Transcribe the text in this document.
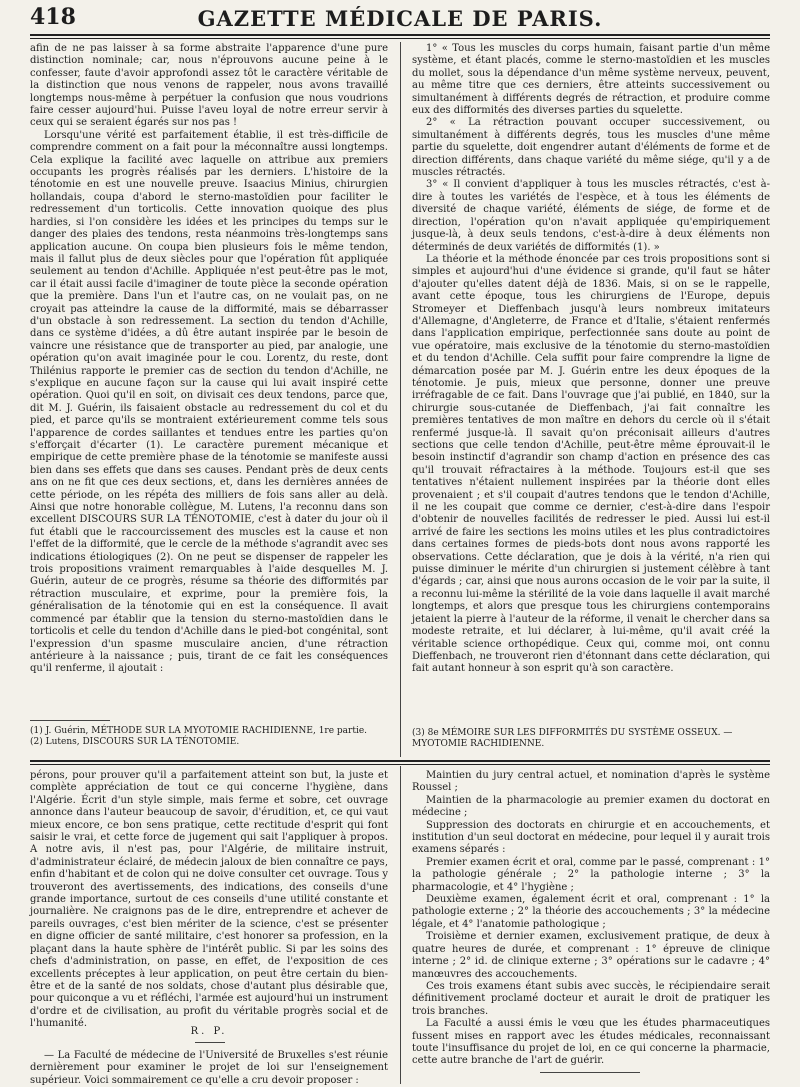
418	GAZETTE MÉDICALE DE PARIS.

afin de ne pas laisser à sa forme abstraite l'apparence d'une pure distinction nominale; car, nous n'éprouvons aucune peine à le confesser, faute d'avoir approfondi assez tôt le caractère véritable de la distinction que nous venons de rappeler, nous avons travaillé longtemps nous-même à perpétuer la confusion que nous voudrions faire cesser aujourd'hui. Puisse l'aveu loyal de notre erreur servir à ceux qui se seraient égarés sur nos pas !

Lorsqu'une vérité est parfaitement établie, il est très-difficile de comprendre comment on a fait pour la méconnaître aussi longtemps. Cela explique la facilité avec laquelle on attribue aux premiers occupants les progrès réalisés par les derniers. L'histoire de la ténotomie en est une nouvelle preuve. Isaacius Minius, chirurgien hollandais, coupa d'abord le sterno-mastoïdien pour faciliter le redressement d'un torticolis. Cette innovation quoique des plus hardies, si l'on considère les idées et les principes du temps sur le danger des plaies des tendons, resta néanmoins très-longtemps sans application aucune. On coupa bien plusieurs fois le même tendon, mais il fallut plus de deux siècles pour que l'opération fût appliquée seulement au tendon d'Achille. Appliquée n'est peut-être pas le mot, car il était aussi facile d'imaginer de toute pièce la seconde opération que la première. Dans l'un et l'autre cas, on ne voulait pas, on ne croyait pas atteindre la cause de la difformité, mais se débarrasser d'un obstacle à son redressement. La section du tendon d'Achille, dans ce système d'idées, a dû être autant inspirée par le besoin de vaincre une résistance que de transporter au pied, par analogie, une opération qu'on avait imaginée pour le cou. Lorentz, du reste, dont Thilénius rapporte le premier cas de section du tendon d'Achille, ne s'explique en aucune façon sur la cause qui lui avait inspiré cette opération. Quoi qu'il en soit, on divisait ces deux tendons, parce que, dit M. J. Guérin, ils faisaient obstacle au redressement du col et du pied, et parce qu'ils se montraient extérieurement comme tels sous l'apparence de cordes saillantes et tendues entre les parties qu'on s'efforçait d'écarter (1). Le caractère purement mécanique et empirique de cette première phase de la ténotomie se manifeste aussi bien dans ses effets que dans ses causes. Pendant près de deux cents ans on ne fit que ces deux sections, et, dans les dernières années de cette période, on les répéta des milliers de fois sans aller au delà. Ainsi que notre honorable collègue, M. Lutens, l'a reconnu dans son excellent DISCOURS SUR LA TÉNOTOMIE, c'est à dater du jour où il fut établi que le raccourcissement des muscles est la cause et non l'effet de la difformité, que le cercle de la méthode s'agrandit avec ses indications étiologiques (2). On ne peut se dispenser de rappeler les trois propositions vraiment remarquables à l'aide desquelles M. J. Guérin, auteur de ce progrès, résume sa théorie des difformités par rétraction musculaire, et exprime, pour la première fois, la généralisation de la ténotomie qui en est la conséquence. Il avait commencé par établir que la tension du sterno-mastoïdien dans le torticolis et celle du tendon d'Achille dans le pied-bot congénital, sont l'expression d'un spasme musculaire ancien, d'une rétraction antérieure à la naissance ; puis, tirant de ce fait les conséquences qu'il renferme, il ajoutait :

1° « Tous les muscles du corps humain, faisant partie d'un même système, et étant placés, comme le sterno-mastoïdien et les muscles du mollet, sous la dépendance d'un même système nerveux, peuvent, au même titre que ces derniers, être atteints successivement ou simultanément à différents degrés de rétraction, et produire comme eux des difformités des diverses parties du squelette.

2° « La rétraction pouvant occuper successivement, ou simultanément à différents degrés, tous les muscles d'une même partie du squelette, doit engendrer autant d'éléments de forme et de direction différents, dans chaque variété du même siége, qu'il y a de muscles rétractés.

3° « Il convient d'appliquer à tous les muscles rétractés, c'est à-dire à toutes les variétés de l'espèce, et à tous les éléments de diversité de chaque variété, éléments de siége, de forme et de direction, l'opération qu'on n'avait appliquée qu'empiriquement jusque-là, à deux seuls tendons, c'est-à-dire à deux éléments non déterminés de deux variétés de difformités (1). »

La théorie et la méthode énoncée par ces trois propositions sont si simples et aujourd'hui d'une évidence si grande, qu'il faut se hâter d'ajouter qu'elles datent déjà de 1836. Mais, si on se le rappelle, avant cette époque, tous les chirurgiens de l'Europe, depuis Stromeyer et Dieffenbach jusqu'à leurs nombreux imitateurs d'Allemagne, d'Angleterre, de France et d'Italie, s'étaient renfermés dans l'application empirique, perfectionnée sans doute au point de vue opératoire, mais exclusive de la ténotomie du sterno-mastoïdien et du tendon d'Achille. Cela suffit pour faire comprendre la ligne de démarcation posée par M. J. Guérin entre les deux époques de la ténotomie. Je puis, mieux que personne, donner une preuve irréfragable de ce fait. Dans l'ouvrage que j'ai publié, en 1840, sur la chirurgie sous-cutanée de Dieffenbach, j'ai fait connaître les premières tentatives de mon maître en dehors du cercle où il s'était renfermé jusque-là. Il savait qu'on préconisait ailleurs d'autres sections que celle tendon d'Achille, peut-être même éprouvait-il le besoin instinctif d'agrandir son champ d'action en présence des cas qu'il trouvait réfractaires à la méthode. Toujours est-il que ses tentatives n'étaient nullement inspirées par la théorie dont elles provenaient ; et s'il coupait d'autres tendons que le tendon d'Achille, il ne les coupait que comme ce dernier, c'est-à-dire dans l'espoir d'obtenir de nouvelles facilités de redresser le pied. Aussi lui est-il arrivé de faire les sections les moins utiles et les plus contradictoires dans certaines formes de pieds-bots dont nous avons rapporté les observations. Cette déclaration, que je dois à la vérité, n'a rien qui puisse diminuer le mérite d'un chirurgien si justement célèbre à tant d'égards ; car, ainsi que nous aurons occasion de le voir par la suite, il a reconnu lui-même la stérilité de la voie dans laquelle il avait marché longtemps, et alors que presque tous les chirurgiens contemporains jetaient la pierre à l'auteur de la réforme, il venait le chercher dans sa modeste retraite, et lui déclarer, à lui-même, qu'il avait créé la véritable science orthopédique. Ceux qui, comme moi, ont connu Dieffenbach, ne trouveront rien d'étonnant dans cette déclaration, qui fait autant honneur à son esprit qu'à son caractère.

(1) J. Guérin, MÉTHODE SUR LA MYOTOMIE RACHIDIENNE, 1re partie.
(2) Lutens, DISCOURS SUR LA TÉNOTOMIE.
(3) 8e MÉMOIRE SUR LES DIFFORMITÉS DU SYSTÈME OSSEUX. — MYOTOMIE RACHIDIENNE.

pérons, pour prouver qu'il a parfaitement atteint son but, la juste et complète appréciation de tout ce qui concerne l'hygiène, dans l'Algérie. Écrit d'un style simple, mais ferme et sobre, cet ouvrage annonce dans l'auteur beaucoup de savoir, d'érudition, et, ce qui vaut mieux encore, ce bon sens pratique, cette rectitude d'esprit qui font saisir le vrai, et cette force de jugement qui sait l'appliquer à propos. A notre avis, il n'est pas, pour l'Algérie, de militaire instruit, d'administrateur éclairé, de médecin jaloux de bien connaître ce pays, enfin d'habitant et de colon qui ne doive consulter cet ouvrage. Tous y trouveront des avertissements, des indications, des conseils d'une grande importance, surtout de ces conseils d'une utilité constante et journalière. Ne craignons pas de le dire, entreprendre et achever de pareils ouvrages, c'est bien mériter de la science, c'est se présenter en digne officier de santé militaire, c'est honorer sa profession, en la plaçant dans la haute sphère de l'intérêt public. Si par les soins des chefs d'administration, on passe, en effet, de l'exposition de ces excellents préceptes à leur application, on peut être certain du bien-être et de la santé de nos soldats, chose d'autant plus désirable que, pour quiconque a vu et réfléchi, l'armée est aujourd'hui un instrument d'ordre et de civilisation, au profit du véritable progrès social et de l'humanité.

R. P.

— La Faculté de médecine de l'Université de Bruxelles s'est réunie dernièrement pour examiner le projet de loi sur l'enseignement supérieur. Voici sommairement ce qu'elle a cru devoir proposer :

Maintien du jury central actuel, et nomination d'après le système Roussel ;

Maintien de la pharmacologie au premier examen du doctorat en médecine ;

Suppression des doctorats en chirurgie et en accouchements, et institution d'un seul doctorat en médecine, pour lequel il y aurait trois examens séparés :

Premier examen écrit et oral, comme par le passé, comprenant : 1° la pathologie générale ; 2° la pathologie interne ; 3° la pharmacologie, et 4° l'hygiène ;

Deuxième examen, également écrit et oral, comprenant : 1° la pathologie externe ; 2° la théorie des accouchements ; 3° la médecine légale, et 4° l'anatomie pathologique ;

Troisième et dernier examen, exclusivement pratique, de deux à quatre heures de durée, et comprenant : 1° épreuve de clinique interne ; 2° id. de clinique externe ; 3° opérations sur le cadavre ; 4° manœuvres des accouchements.

Ces trois examens étant subis avec succès, le récipiendaire serait définitivement proclamé docteur et aurait le droit de pratiquer les trois branches.

La Faculté a aussi émis le vœu que les études pharmaceutiques fussent mises en rapport avec les études médicales, reconnaissant toute l'insuffisance du projet de loi, en ce qui concerne la pharmacie, cette autre branche de l'art de guérir.
